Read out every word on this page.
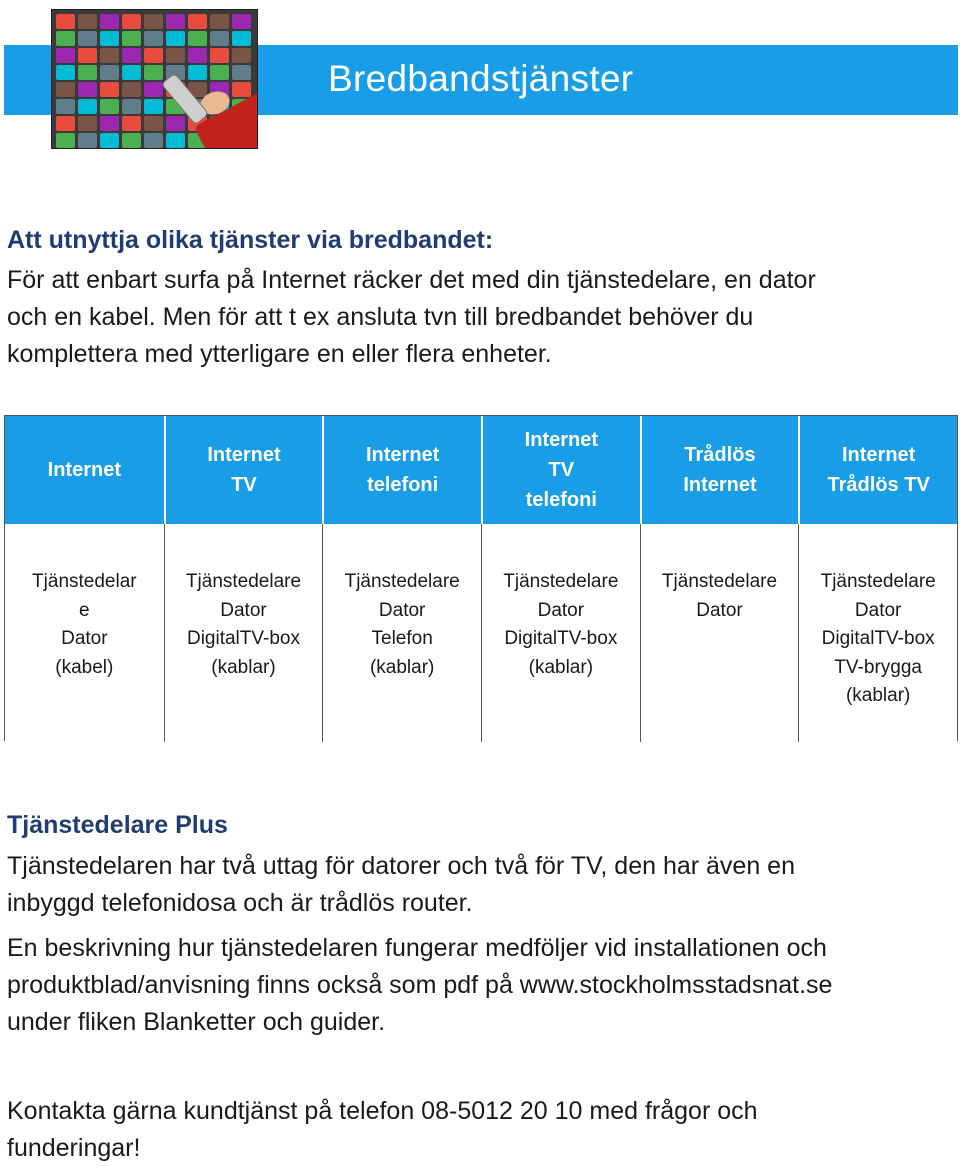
Bredbandstjänster
Att utnyttja olika tjänster via bredbandet:
För att enbart surfa på Internet räcker det med din tjänstedelare, en dator
och en kabel. Men för att t ex ansluta tvn till bredbandet behöver du
komplettera med ytterligare en eller flera enheter.
Internet
Internet
TV
Internet
telefoni
Internet
TV
telefoni
Trådlös
Internet
Internet
Trådlös TV
Tjänstedelar
e
Dator
(kabel)
Tjänstedelare
Dator
DigitalTV-box
(kablar)
Tjänstedelare
Dator
Telefon
(kablar)
Tjänstedelare
Dator
DigitalTV-box
(kablar)
Tjänstedelare
Dator
Tjänstedelare
Dator
DigitalTV-box
TV-brygga
(kablar)
Tjänstedelare Plus
Tjänstedelaren har två uttag för datorer och två för TV, den har även en
inbyggd telefonidosa och är trådlös router.
En beskrivning hur tjänstedelaren fungerar medföljer vid installationen och
produktblad/anvisning finns också som pdf på www.stockholmsstadsnat.se
under fliken Blanketter och guider.
Kontakta gärna kundtjänst på telefon 08-5012 20 10 med frågor och
funderingar!
